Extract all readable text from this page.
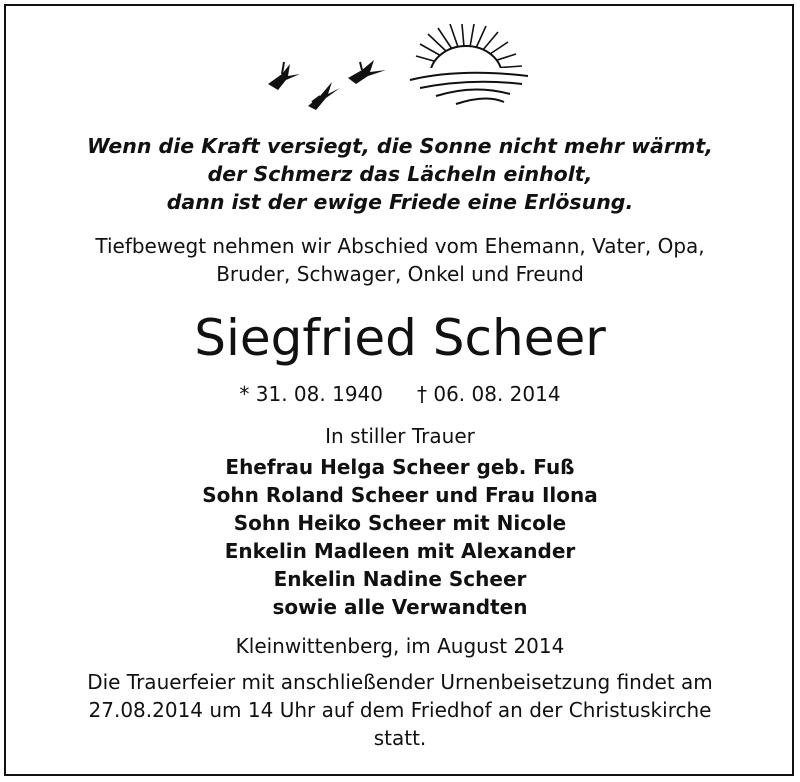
Wenn die Kraft versiegt, die Sonne nicht mehr wärmt,
der Schmerz das Lächeln einholt,
dann ist der ewige Friede eine Erlösung.
Tiefbewegt nehmen wir Abschied vom Ehemann, Vater, Opa,
Bruder, Schwager, Onkel und Freund
Siegfried Scheer
* 31. 08. 1940 † 06. 08. 2014
In stiller Trauer
Ehefrau Helga Scheer geb. Fuß
Sohn Roland Scheer und Frau Ilona
Sohn Heiko Scheer mit Nicole
Enkelin Madleen mit Alexander
Enkelin Nadine Scheer
sowie alle Verwandten
Kleinwittenberg, im August 2014
Die Trauerfeier mit anschließender Urnenbeisetzung findet am
27.08.2014 um 14 Uhr auf dem Friedhof an der Christuskirche
statt.
